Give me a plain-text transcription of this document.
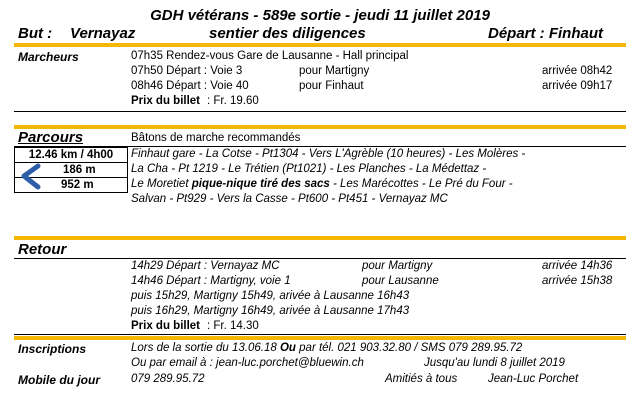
GDH vétérans - 589e sortie - jeudi 11 juillet 2019
But : Vernayaz	sentier des diligences	Départ : Finhaut
Marcheurs	07h35 Rendez-vous Gare de Lausanne - Hall principal
07h50 Départ : Voie 3	pour Martigny	arrivée 08h42
08h46 Départ : Voie 40	pour Finhaut	arrivée 09h17
Prix du billet : Fr. 19.60
Parcours	Bâtons de marche recommandés
12.46 km / 4h00
186 m
952 m
Finhaut gare - La Cotse - Pt1304 - Vers L'Agrèble (10 heures) - Les Molères -
La Cha - Pt 1219 - Le Trétien (Pt1021) - Les Planches - La Médettaz -
Le Moretiet pique-nique tiré des sacs - Les Marécottes - Le Pré du Four -
Salvan - Pt929 - Vers la Casse - Pt600 - Pt451 - Vernayaz MC
Retour
14h29 Départ : Vernayaz MC	pour Martigny	arrivée 14h36
14h46 Départ : Martigny, voie 1	pour Lausanne	arrivée 15h38
puis 15h29, Martigny 15h49, arivée à Lausanne 16h43
puis 16h29, Martigny 16h49, arivée à Lausanne 17h43
Prix du billet : Fr. 14.30
Inscriptions	Lors de la sortie du 13.06.18 Ou par tél. 021 903.32.80 / SMS 079 289.95.72
Ou par email à : jean-luc.porchet@bluewin.ch	Jusqu'au lundi 8 juillet 2019
Mobile du jour	079 289.95.72	Amitiés à tous	Jean-Luc Porchet
